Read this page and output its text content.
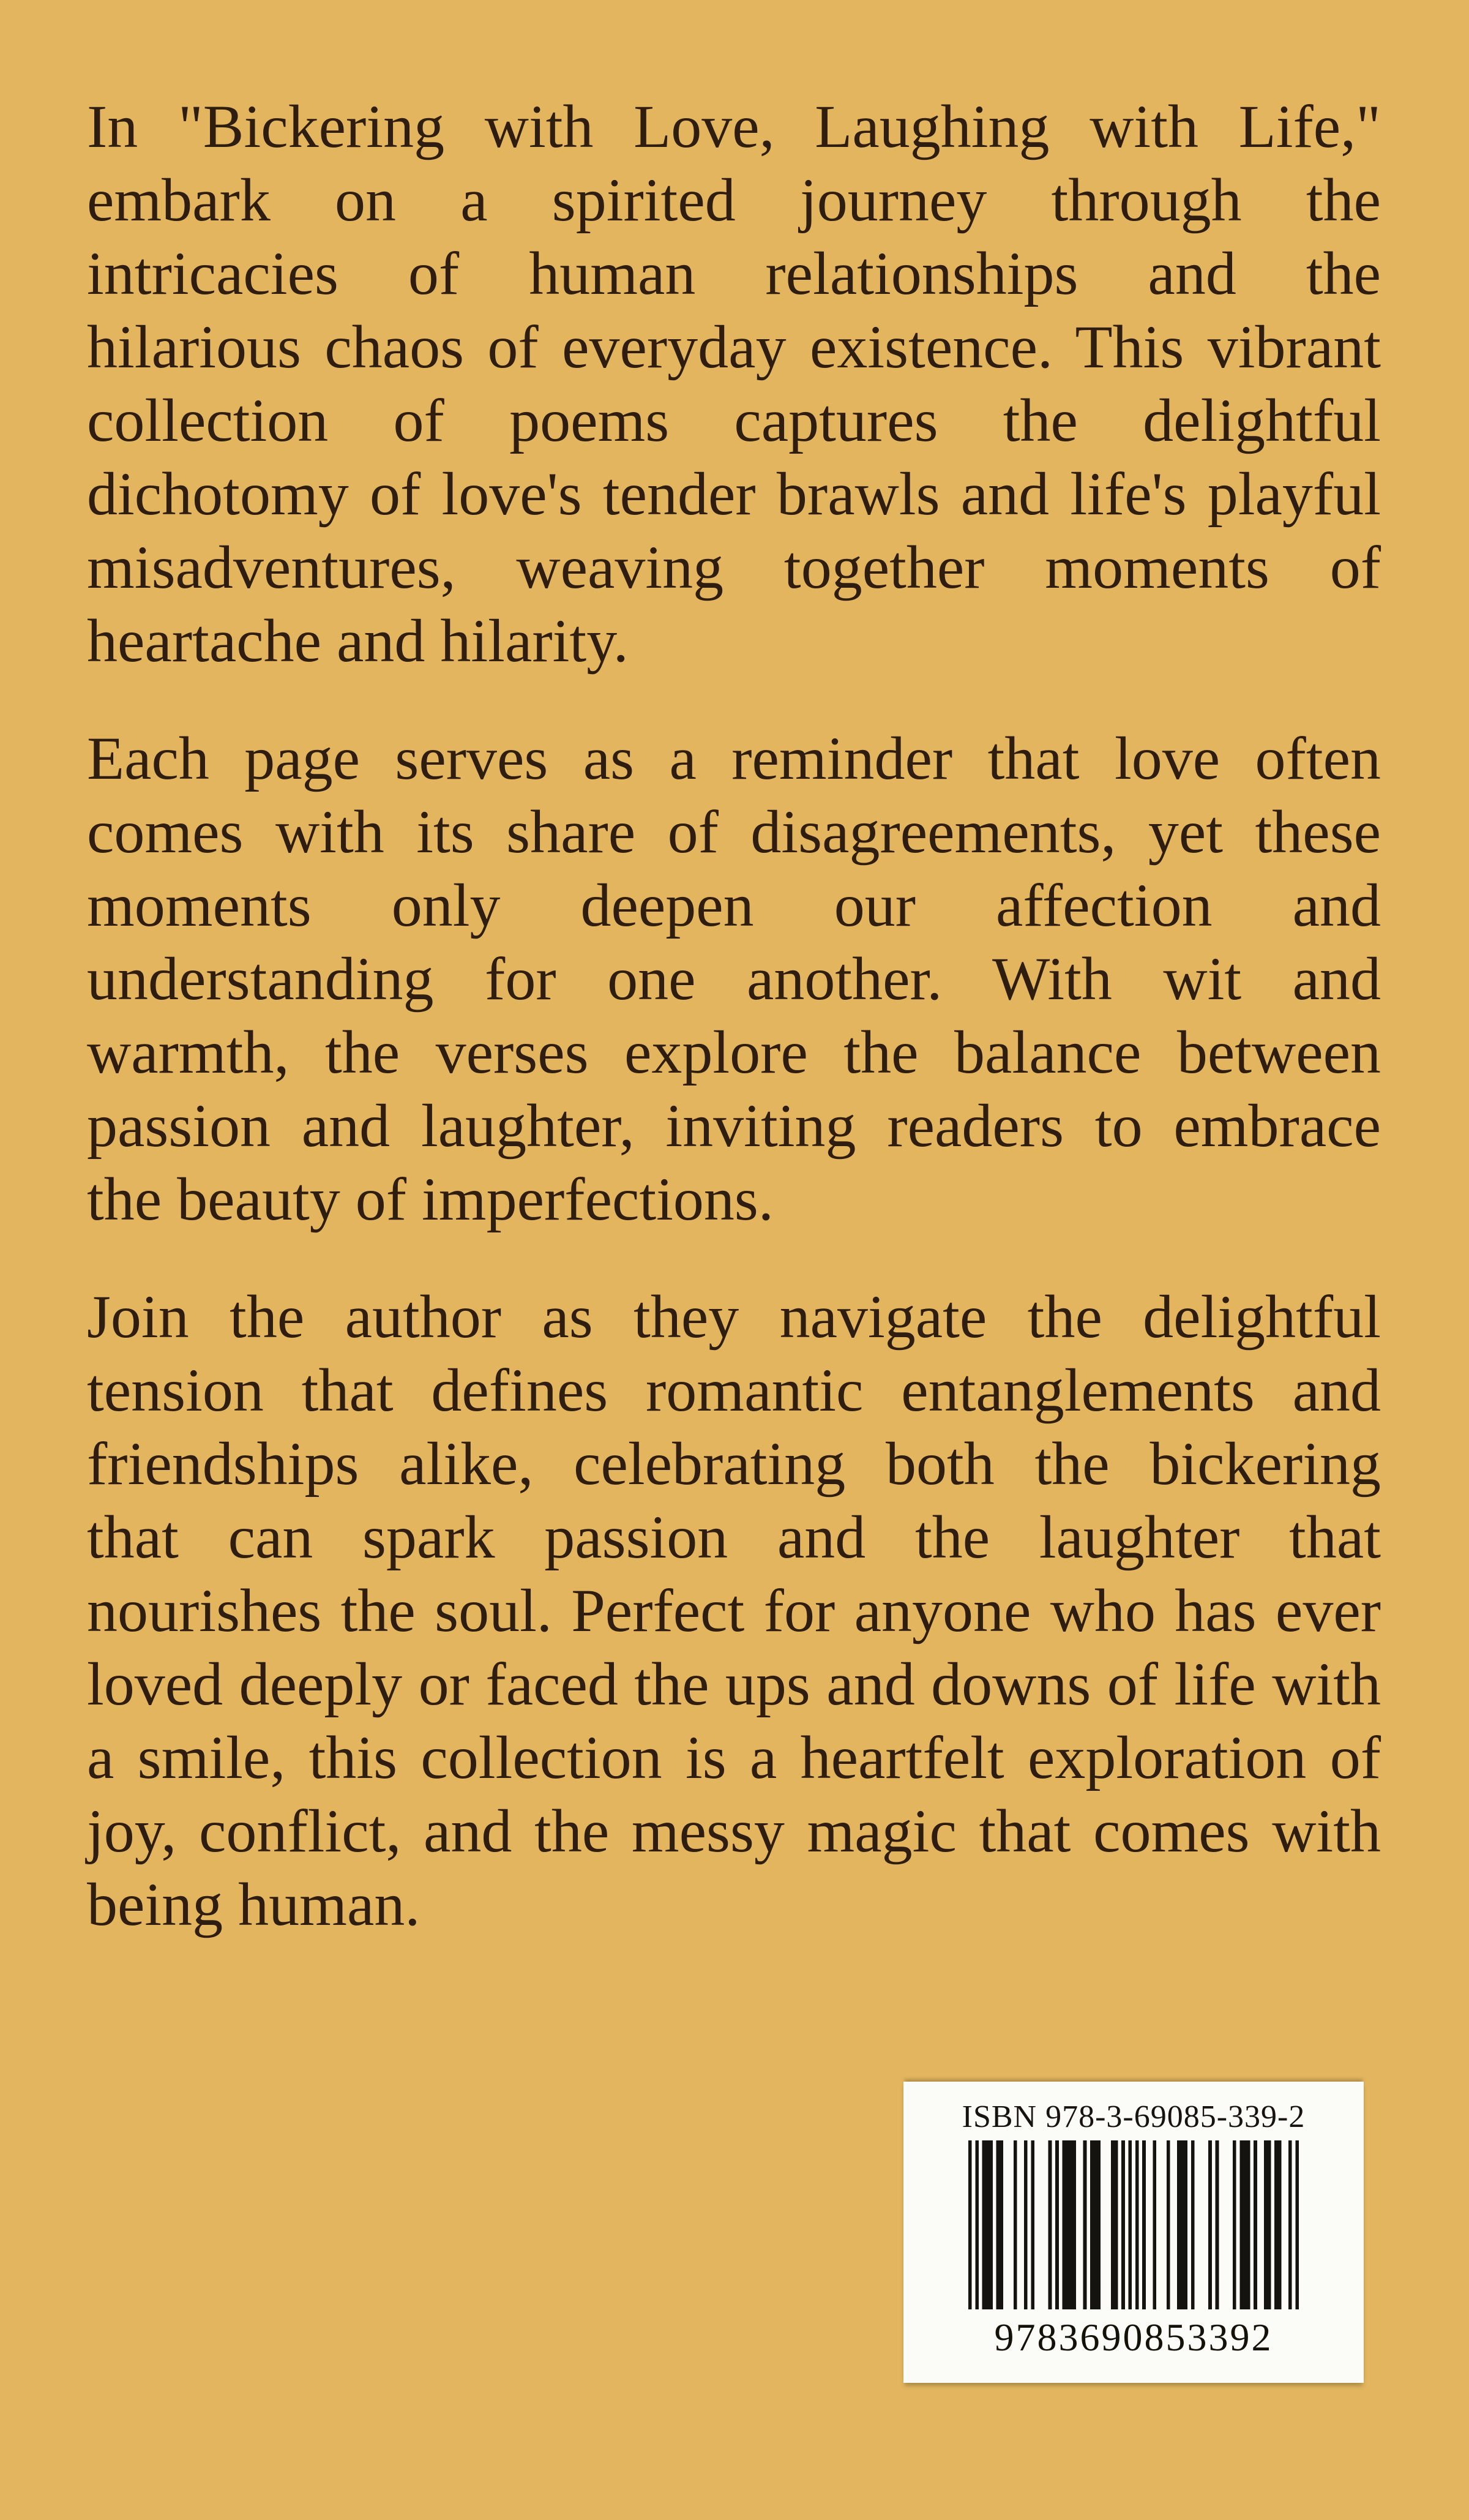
In "Bickering with Love, Laughing with Life,"
embark on a spirited journey through the
intricacies of human relationships and the
hilarious chaos of everyday existence. This vibrant
collection of poems captures the delightful
dichotomy of love's tender brawls and life's playful
misadventures, weaving together moments of
heartache and hilarity.
Each page serves as a reminder that love often
comes with its share of disagreements, yet these
moments only deepen our affection and
understanding for one another. With wit and
warmth, the verses explore the balance between
passion and laughter, inviting readers to embrace
the beauty of imperfections.
Join the author as they navigate the delightful
tension that defines romantic entanglements and
friendships alike, celebrating both the bickering
that can spark passion and the laughter that
nourishes the soul. Perfect for anyone who has ever
loved deeply or faced the ups and downs of life with
a smile, this collection is a heartfelt exploration of
joy, conflict, and the messy magic that comes with
being human.
ISBN 978-3-69085-339-2
9783690853392
